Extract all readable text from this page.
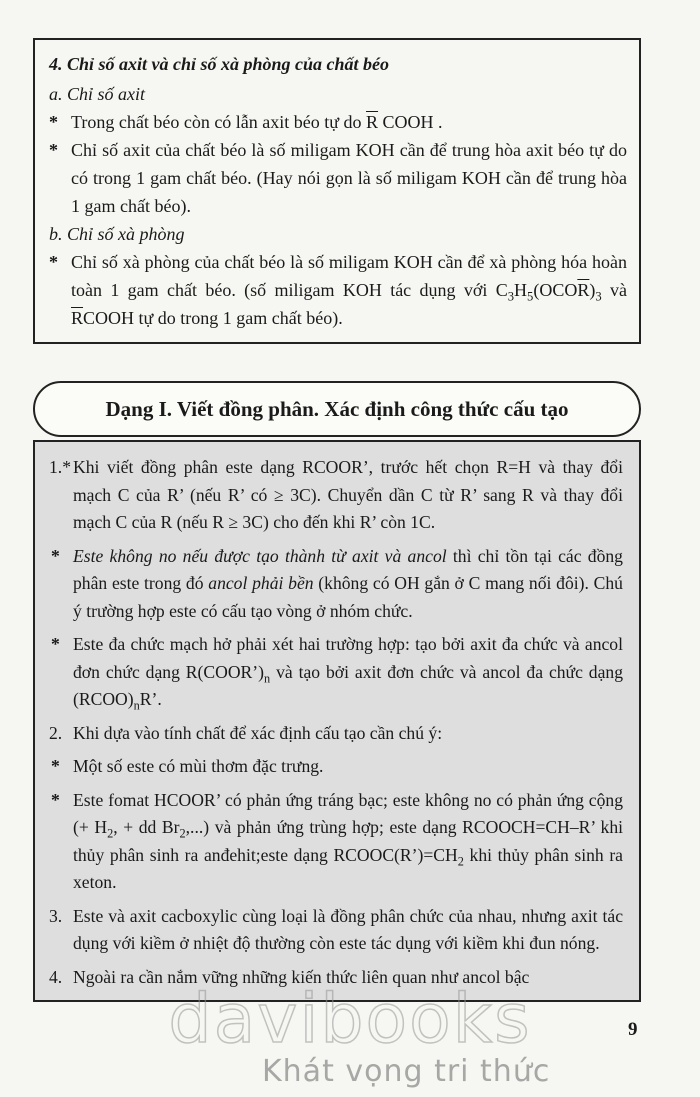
4. Chỉ số axit và chỉ số xà phòng của chất béo
a. Chỉ số axit
* Trong chất béo còn có lẫn axit béo tự do $\overline{R}$ COOH .
* Chỉ số axit của chất béo là số miligam KOH cần để trung hòa axit béo tự do có trong 1 gam chất béo. (Hay nói gọn là số miligam KOH cần để trung hòa 1 gam chất béo).
b. Chỉ số xà phòng
* Chỉ số xà phòng của chất béo là số miligam KOH cần để xà phòng hóa hoàn toàn 1 gam chất béo. (số miligam KOH tác dụng với $C_3H_5(OCO\overline{R})_3$ và $\overline{R}COOH$ tự do trong 1 gam chất béo).
Dạng I. Viết đồng phân. Xác định công thức cấu tạo
1.* Khi viết đồng phân este dạng RCOOR’, trước hết chọn R=H và thay đổi mạch C của R’ (nếu R’ có ≥ 3C). Chuyển dần C từ R’ sang R và thay đổi mạch C của R (nếu R ≥ 3C) cho đến khi R’ còn 1C.
* Este không no nếu được tạo thành từ axit và ancol thì chỉ tồn tại các đồng phân este trong đó ancol phải bền (không có OH gắn ở C mang nối đôi). Chú ý trường hợp este có cấu tạo vòng ở nhóm chức.
* Este đa chức mạch hở phải xét hai trường hợp: tạo bởi axit đa chức và ancol đơn chức dạng $R(COOR’)_n$ và tạo bởi axit đơn chức và ancol đa chức dạng $(RCOO)_nR$’.
2. Khi dựa vào tính chất để xác định cấu tạo cần chú ý:
* Một số este có mùi thơm đặc trưng.
* Este fomat HCOOR’ có phản ứng tráng bạc; este không no có phản ứng cộng (+ $H_2$, + dd $Br_2$,...) và phản ứng trùng hợp; este dạng RCOOCH=CH–R’ khi thủy phân sinh ra anđehit;este dạng $RCOOC(R’)=CH_2$ khi thủy phân sinh ra xeton.
3. Este và axit cacboxylic cùng loại là đồng phân chức của nhau, nhưng axit tác dụng với kiềm ở nhiệt độ thường còn este tác dụng với kiềm khi đun nóng.
4. Ngoài ra cần nắm vững những kiến thức liên quan như ancol bậc
9
davibooks
Khát vọng tri thức
